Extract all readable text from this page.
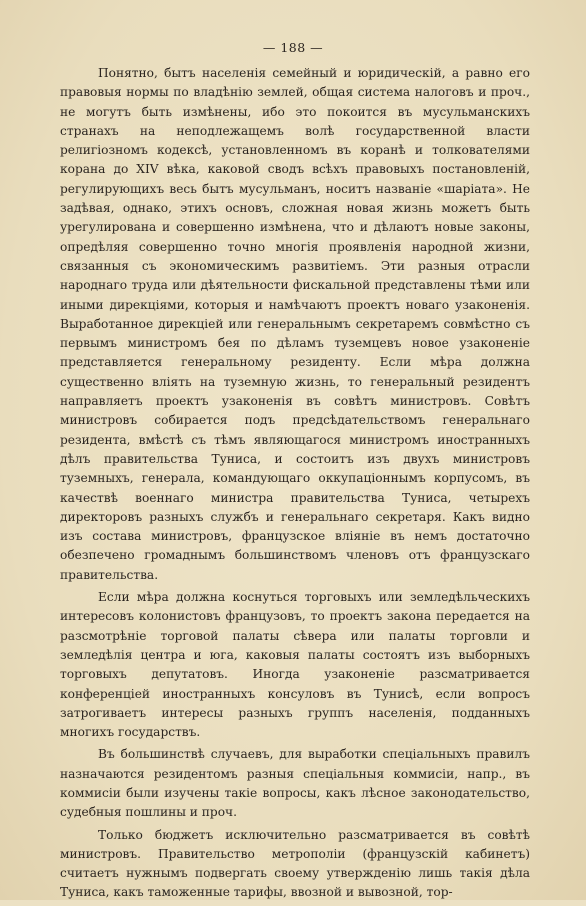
— 188 —

Понятно, бытъ населенія семейный и юридическій, а равно его правовыя нормы по владѣнію землей, общая система налоговъ и проч., не могутъ быть измѣнены, ибо это покоится въ мусульманскихъ странахъ на неподлежащемъ волѣ государственной власти религіозномъ кодексѣ, установленномъ въ коранѣ и толкователями корана до XIV вѣка, каковой сводъ всѣхъ правовыхъ постановленій, регулирующихъ весь бытъ мусульманъ, носитъ названіе «шаріата». Не задѣвая, однако, этихъ основъ, сложная новая жизнь можетъ быть урегулирована и совершенно измѣнена, что и дѣлаютъ новые законы, опредѣляя совершенно точно многія проявленія народной жизни, связанныя съ экономическимъ развитіемъ. Эти разныя отрасли народнаго труда или дѣятельности фискальной представлены тѣми или иными дирекціями, которыя и намѣчаютъ проектъ новаго узаконенія. Выработанное дирекціей или генеральнымъ секретаремъ совмѣстно съ первымъ министромъ бея по дѣламъ туземцевъ новое узаконеніе представляется генеральному резиденту. Если мѣра должна существенно вліять на туземную жизнь, то генеральный резидентъ направляетъ проектъ узаконенія въ совѣтъ министровъ. Совѣтъ министровъ собирается подъ предсѣдательствомъ генеральнаго резидента, вмѣстѣ съ тѣмъ являющагося министромъ иностранныхъ дѣлъ правительства Туниса, и состоитъ изъ двухъ министровъ туземныхъ, генерала, командующаго оккупаціоннымъ корпусомъ, въ качествѣ военнаго министра правительства Туниса, четырехъ директоровъ разныхъ службъ и генеральнаго секретаря. Какъ видно изъ состава министровъ, французское вліяніе въ немъ достаточно обезпечено громаднымъ большинствомъ членовъ отъ французскаго правительства.

Если мѣра должна коснуться торговыхъ или земледѣльческихъ интересовъ колонистовъ французовъ, то проектъ закона передается на разсмотрѣніе торговой палаты сѣвера или палаты торговли и земледѣлія центра и юга, каковыя палаты состоятъ изъ выборныхъ торговыхъ депутатовъ. Иногда узаконеніе разсматривается конференціей иностранныхъ консуловъ въ Тунисѣ, если вопросъ затрогиваетъ интересы разныхъ группъ населенія, подданныхъ многихъ государствъ.

Въ большинствѣ случаевъ, для выработки спеціальныхъ правилъ назначаются резидентомъ разныя спеціальныя коммисіи, напр., въ коммисіи были изучены такіе вопросы, какъ лѣсное законодательство, судебныя пошлины и проч.

Только бюджетъ исключительно разсматривается въ совѣтѣ министровъ. Правительство метрополіи (французскій кабинетъ) считаетъ нужнымъ подвергать своему утвержденію лишь такія дѣла Туниса, какъ таможенные тарифы, ввозной и вывозной, тор-
